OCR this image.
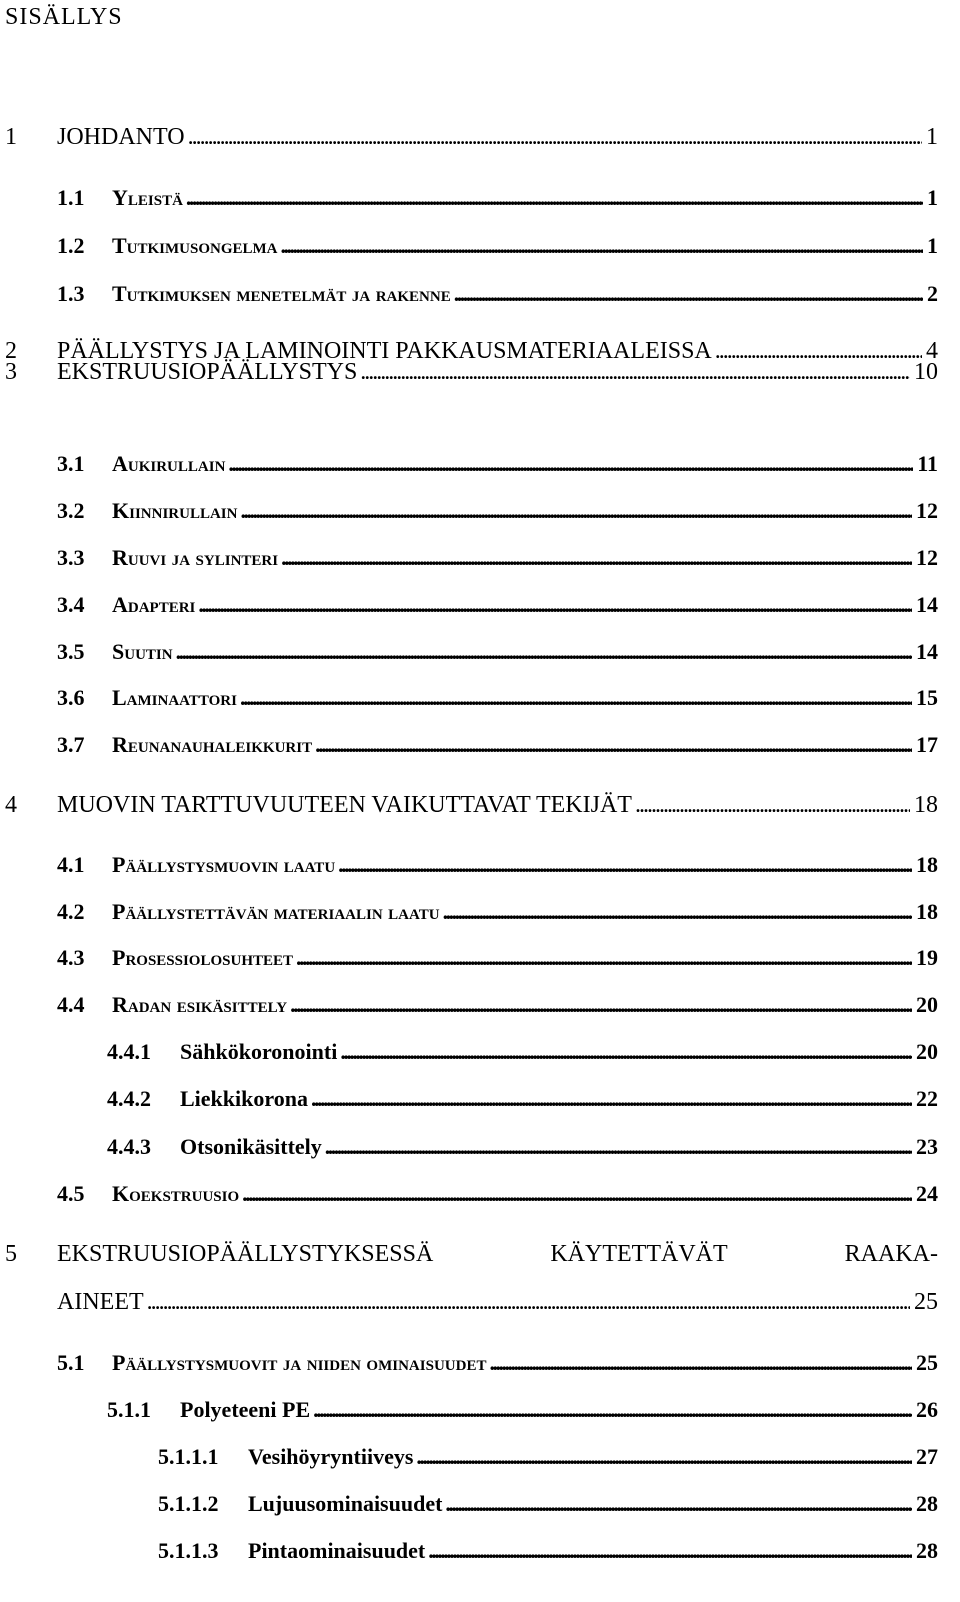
SISÄLLYS
1 JOHDANTO . . .	1
1.1 Yleistä . . .	1
1.2 Tutkimusongelma . . .	1
1.3 Tutkimuksen menetelmät ja rakenne . . .	2
2 PÄÄLLYSTYS JA LAMINOINTI PAKKAUSMATERIAALEISSA . . .	4
3 EKSTRUUSIOPÄÄLLYSTYS . . .	10
3.1 Aukirullain . . .	11
3.2 Kiinnirullain . . .	12
3.3 Ruuvi ja sylinteri . . .	12
3.4 Adapteri . . .	14
3.5 Suutin . . .	14
3.6 Laminaattori . . .	15
3.7 Reunanauhaleikkurit . . .	17
4 MUOVIN TARTTUVUUTEEN VAIKUTTAVAT TEKIJÄT . . .	18
4.1 Päällystysmuovin laatu . . .	18
4.2 Päällystettävän materiaalin laatu . . .	18
4.3 Prosessiolosuhteet . . .	19
4.4 Radan esikäsittely . . .	20
4.4.1 Sähkökoronointi . . .	20
4.4.2 Liekkikorona . . .	22
4.4.3 Otsonikäsittely . . .	23
4.5 Koekstruusio . . .	24
5 EKSTRUUSIOPÄÄLLYSTYKSESSÄ	KÄYTETTÄVÄT	RAAKA-
AINEET . . .	25
5.1 Päällystysmuovit ja niiden ominaisuudet . . .	25
5.1.1 Polyeteeni PE . . .	26
5.1.1.1 Vesihöyryntiiveys . . .	27
5.1.1.2 Lujuusominaisuudet . . .	28
5.1.1.3 Pintaominaisuudet . . .	28
